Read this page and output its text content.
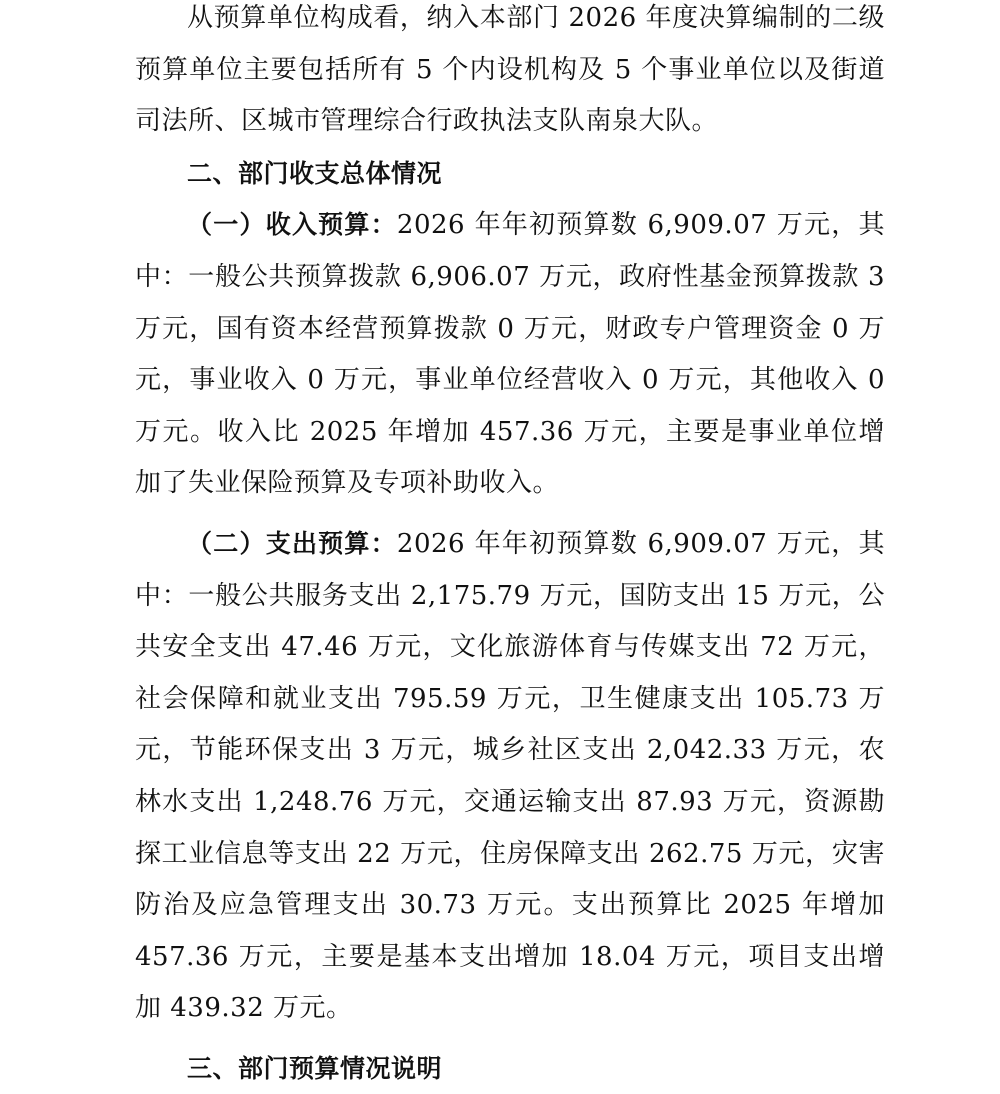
从预算单位构成看，纳入本部门 2026 年度决算编制的二级预算单位主要包括所有 5 个内设机构及 5 个事业单位以及街道司法所、区城市管理综合行政执法支队南泉大队。

二、部门收支总体情况

（一）收入预算：2026 年年初预算数 6,909.07 万元，其中：一般公共预算拨款 6,906.07 万元，政府性基金预算拨款 3 万元，国有资本经营预算拨款 0 万元，财政专户管理资金 0 万元，事业收入 0 万元，事业单位经营收入 0 万元，其他收入 0 万元。收入比 2025 年增加 457.36 万元，主要是事业单位增加了失业保险预算及专项补助收入。

（二）支出预算：2026 年年初预算数 6,909.07 万元，其中：一般公共服务支出 2,175.79 万元，国防支出 15 万元，公共安全支出 47.46 万元，文化旅游体育与传媒支出 72 万元，社会保障和就业支出 795.59 万元，卫生健康支出 105.73 万元，节能环保支出 3 万元，城乡社区支出 2,042.33 万元，农林水支出 1,248.76 万元，交通运输支出 87.93 万元，资源勘探工业信息等支出 22 万元，住房保障支出 262.75 万元，灾害防治及应急管理支出 30.73 万元。支出预算比 2025 年增加 457.36 万元，主要是基本支出增加 18.04 万元，项目支出增加 439.32 万元。

三、部门预算情况说明
